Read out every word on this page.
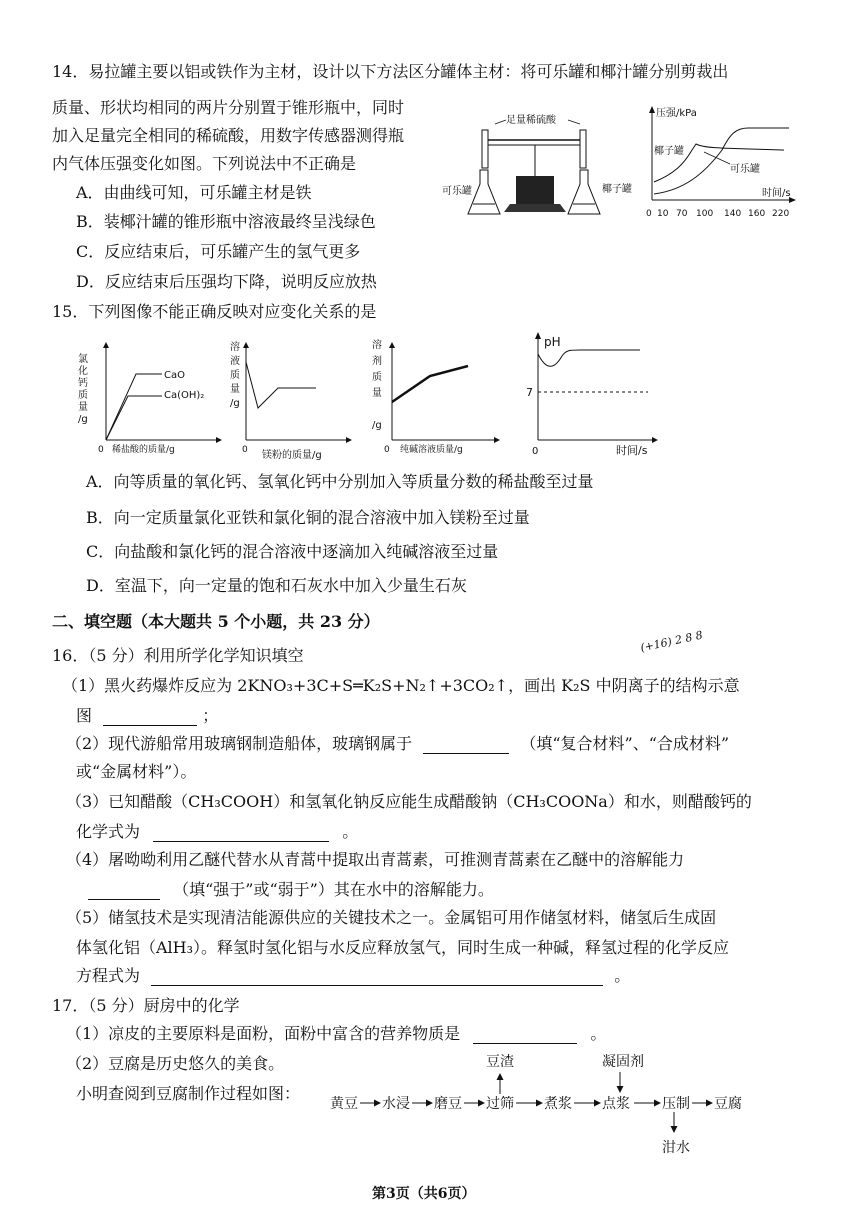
14．易拉罐主要以铝或铁作为主材，设计以下方法区分罐体主材：将可乐罐和椰汁罐分别剪裁出
质量、形状均相同的两片分别置于锥形瓶中，同时
加入足量完全相同的稀硫酸，用数字传感器测得瓶
内气体压强变化如图。下列说法中不正确是
A．由曲线可知，可乐罐主材是铁
B．装椰汁罐的锥形瓶中溶液最终呈浅绿色
C．反应结束后，可乐罐产生的氢气更多
D．反应结束后压强均下降，说明反应放热
足量稀硫酸
可乐罐	椰子罐
压强/kPa
时间/s
椰子罐
可乐罐
0 10 70 100 140 160 220
15．下列图像不能正确反映对应变化关系的是
氯
化
钙
质
量
/g
CaO
Ca(OH)₂
0 稀盐酸的质量/g
溶
液
质
量
/g
0 镁粉的质量/g
溶
剂
质
量
/g
0 纯碱溶液质量/g
pH
7
0	时间/s
A．向等质量的氧化钙、氢氧化钙中分别加入等质量分数的稀盐酸至过量
B．向一定质量氯化亚铁和氯化铜的混合溶液中加入镁粉至过量
C．向盐酸和氯化钙的混合溶液中逐滴加入纯碱溶液至过量
D．室温下，向一定量的饱和石灰水中加入少量生石灰
二、填空题（本大题共 5 个小题，共 23 分）
(+16) 2 8 8
16．（5 分）利用所学化学知识填空
（1）黑火药爆炸反应为 2KNO₃+3C+S═K₂S+N₂↑+3CO₂↑，画出 K₂S 中阴离子的结构示意
图	；
（2）现代游船常用玻璃钢制造船体，玻璃钢属于	（填“复合材料”、“合成材料”
或“金属材料”）。
（3）已知醋酸（CH₃COOH）和氢氧化钠反应能生成醋酸钠（CH₃COONa）和水，则醋酸钙的
化学式为	。
（4）屠呦呦利用乙醚代替水从青蒿中提取出青蒿素，可推测青蒿素在乙醚中的溶解能力
（填“强于”或“弱于”）其在水中的溶解能力。
（5）储氢技术是实现清洁能源供应的关键技术之一。金属铝可用作储氢材料，储氢后生成固
体氢化铝（AlH₃）。释氢时氢化铝与水反应释放氢气，同时生成一种碱，释氢过程的化学反应
方程式为	。
17．（5 分）厨房中的化学
（1）凉皮的主要原料是面粉，面粉中富含的营养物质是	。
（2）豆腐是历史悠久的美食。
小明查阅到豆腐制作过程如图：
黄豆 水浸 磨豆 过筛 煮浆 点浆 压制 豆腐
豆渣	凝固剂
泔水
第3页（共6页）
